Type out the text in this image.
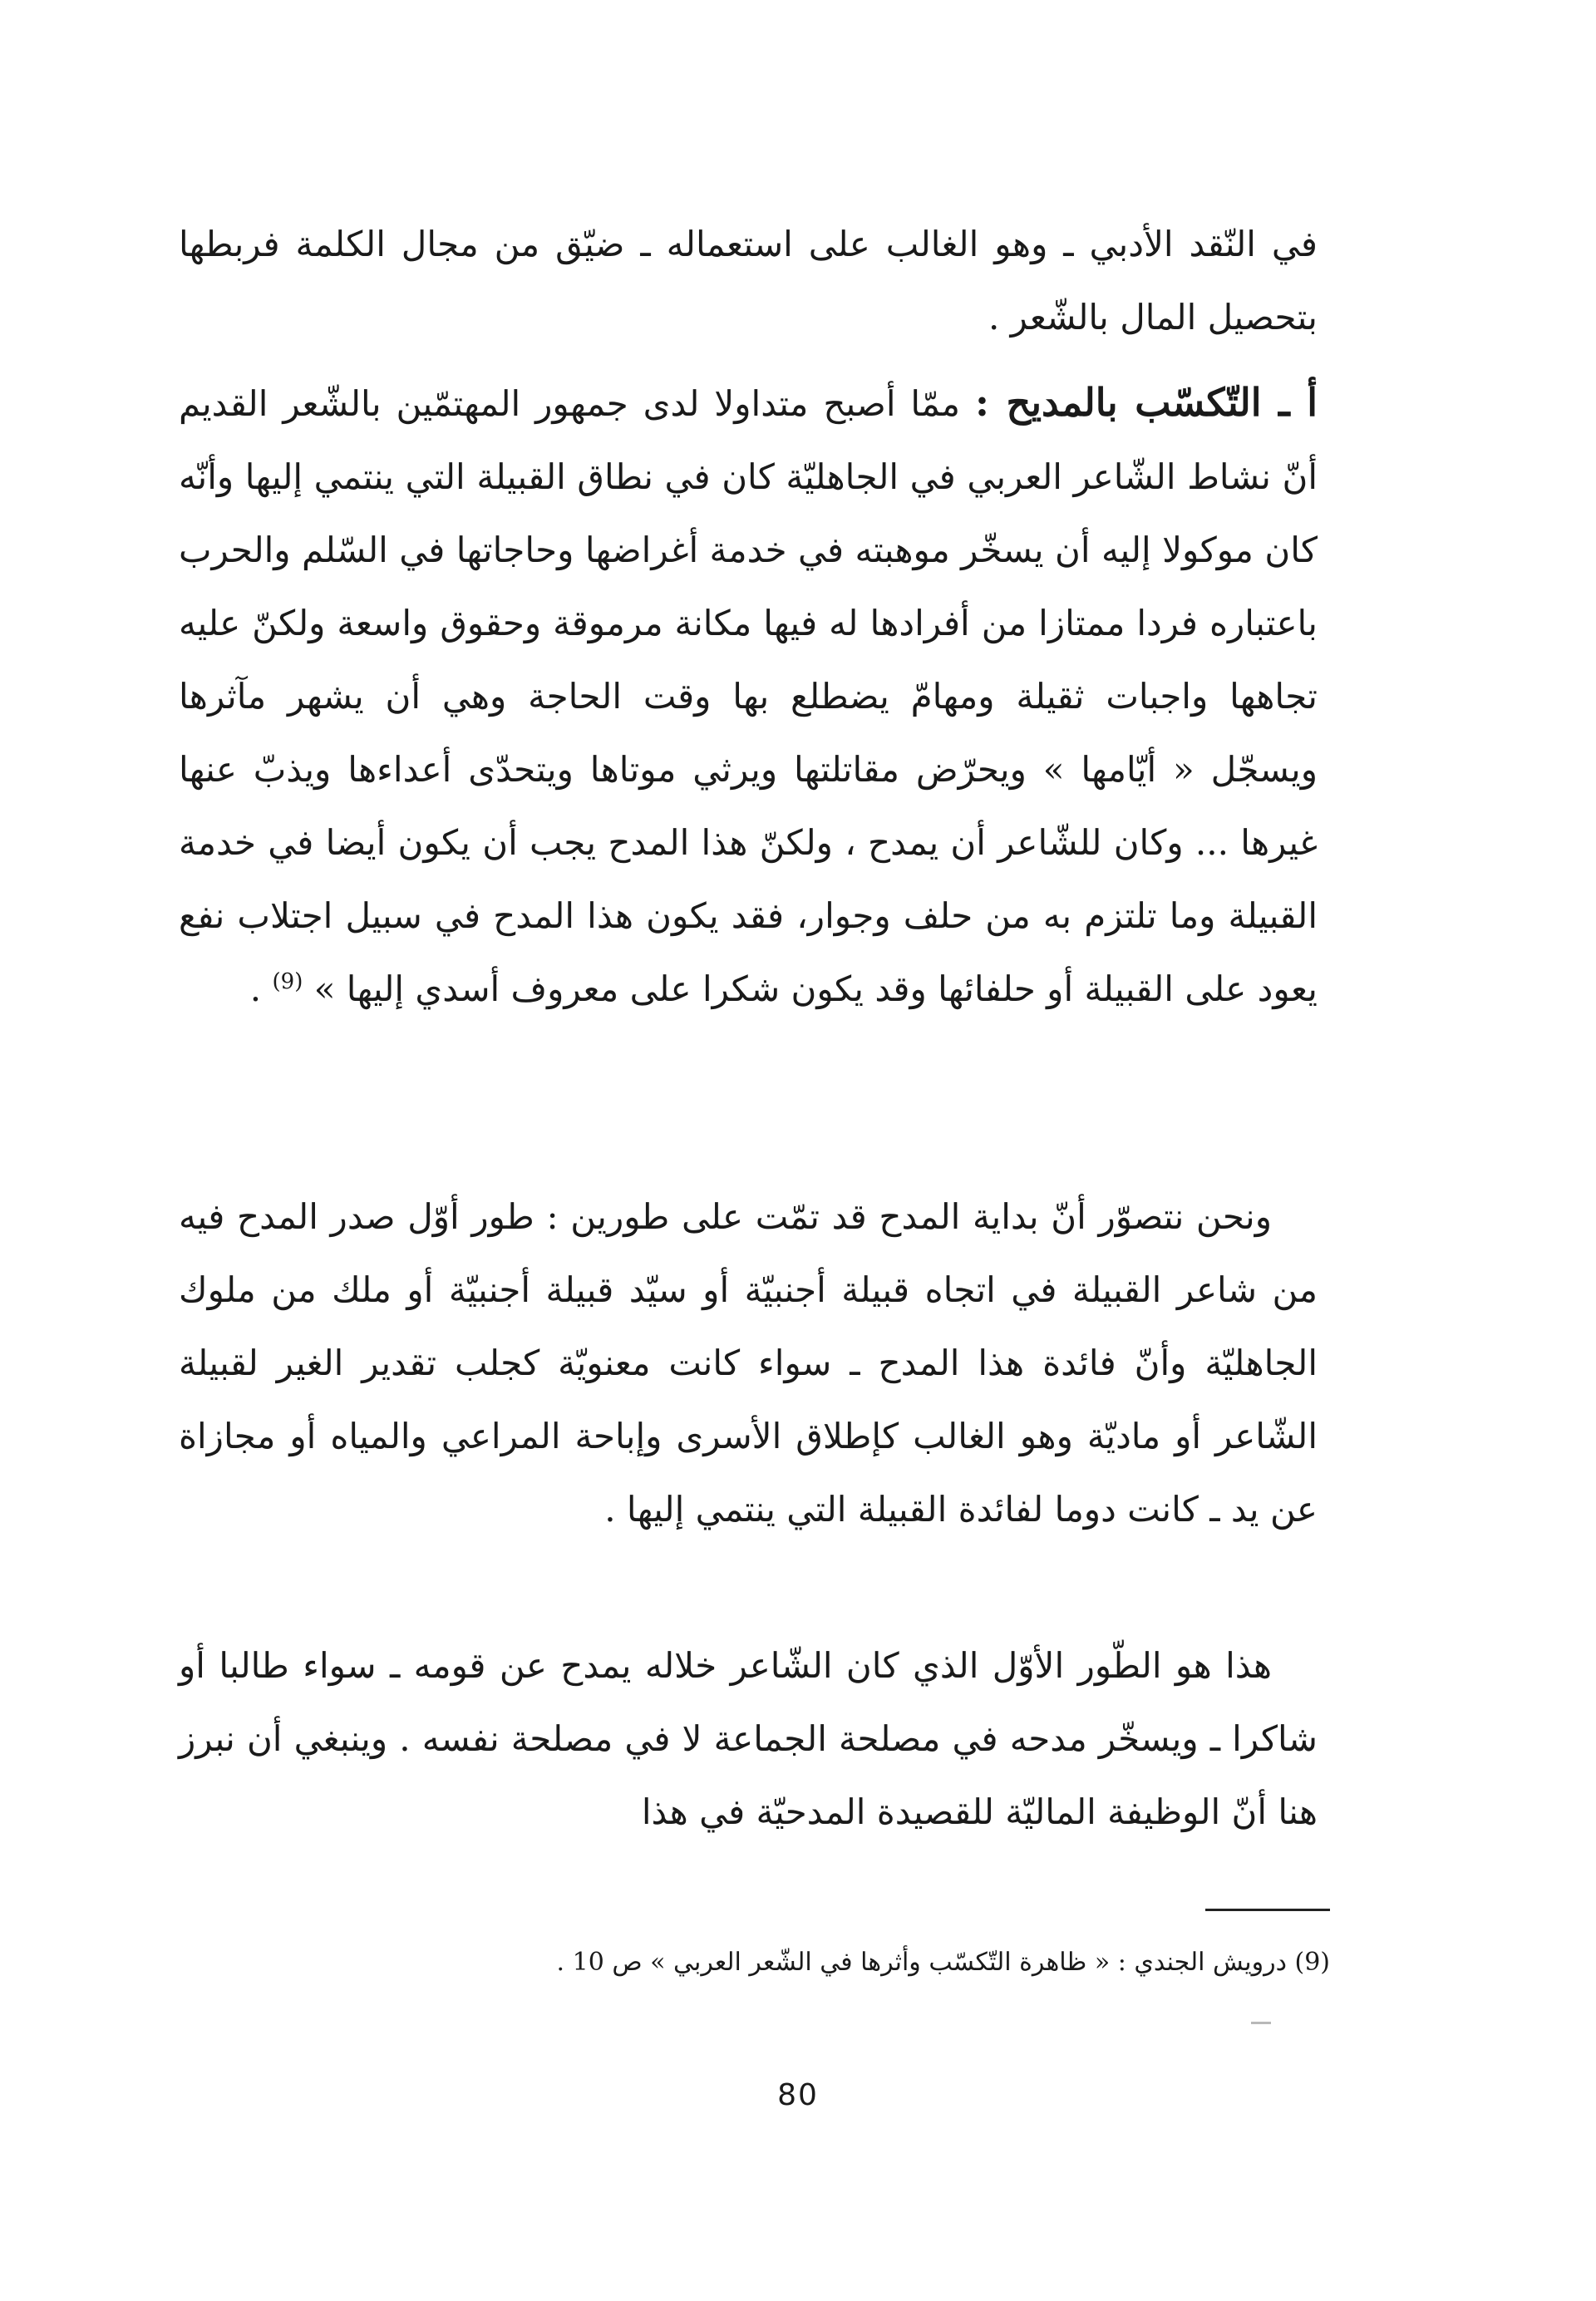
في النّقد الأدبي ـ وهو الغالب على استعماله ـ ضيّق من مجال الكلمة فربطها بتحصيل المال بالشّعر .

أ ـ التّكسّب بالمديح : ممّا أصبح متداولا لدى جمهور المهتمّين بالشّعر القديم أنّ نشاط الشّاعر العربي في الجاهليّة كان في نطاق القبيلة التي ينتمي إليها وأنّه كان موكولا إليه أن يسخّر موهبته في خدمة أغراضها وحاجاتها في السّلم والحرب باعتباره فردا ممتازا من أفرادها له فيها مكانة مرموقة وحقوق واسعة ولكنّ عليه تجاهها واجبات ثقيلة ومهامّ يضطلع بها وقت الحاجة وهي أن يشهر مآثرها ويسجّل « أيّامها » ويحرّض مقاتلتها ويرثي موتاها ويتحدّى أعداءها ويذبّ عنها غيرها ... وكان للشّاعر أن يمدح ، ولكنّ هذا المدح يجب أن يكون أيضا في خدمة القبيلة وما تلتزم به من حلف وجوار، فقد يكون هذا المدح في سبيل اجتلاب نفع يعود على القبيلة أو حلفائها وقد يكون شكرا على معروف أسدي إليها » $^{(9)}$ .

ونحن نتصوّر أنّ بداية المدح قد تمّت على طورين : طور أوّل صدر المدح فيه من شاعر القبيلة في اتجاه قبيلة أجنبيّة أو سيّد قبيلة أجنبيّة أو ملك من ملوك الجاهليّة وأنّ فائدة هذا المدح ـ سواء كانت معنويّة كجلب تقدير الغير لقبيلة الشّاعر أو ماديّة وهو الغالب كإطلاق الأسرى وإباحة المراعي والمياه أو مجازاة عن يد ـ كانت دوما لفائدة القبيلة التي ينتمي إليها .

هذا هو الطّور الأوّل الذي كان الشّاعر خلاله يمدح عن قومه ـ سواء طالبا أو شاكرا ـ ويسخّر مدحه في مصلحة الجماعة لا في مصلحة نفسه . وينبغي أن نبرز هنا أنّ الوظيفة الماليّة للقصيدة المدحيّة في هذا

(9) درويش الجندي : « ظاهرة التّكسّب وأثرها في الشّعر العربي » ص 10 .

80
